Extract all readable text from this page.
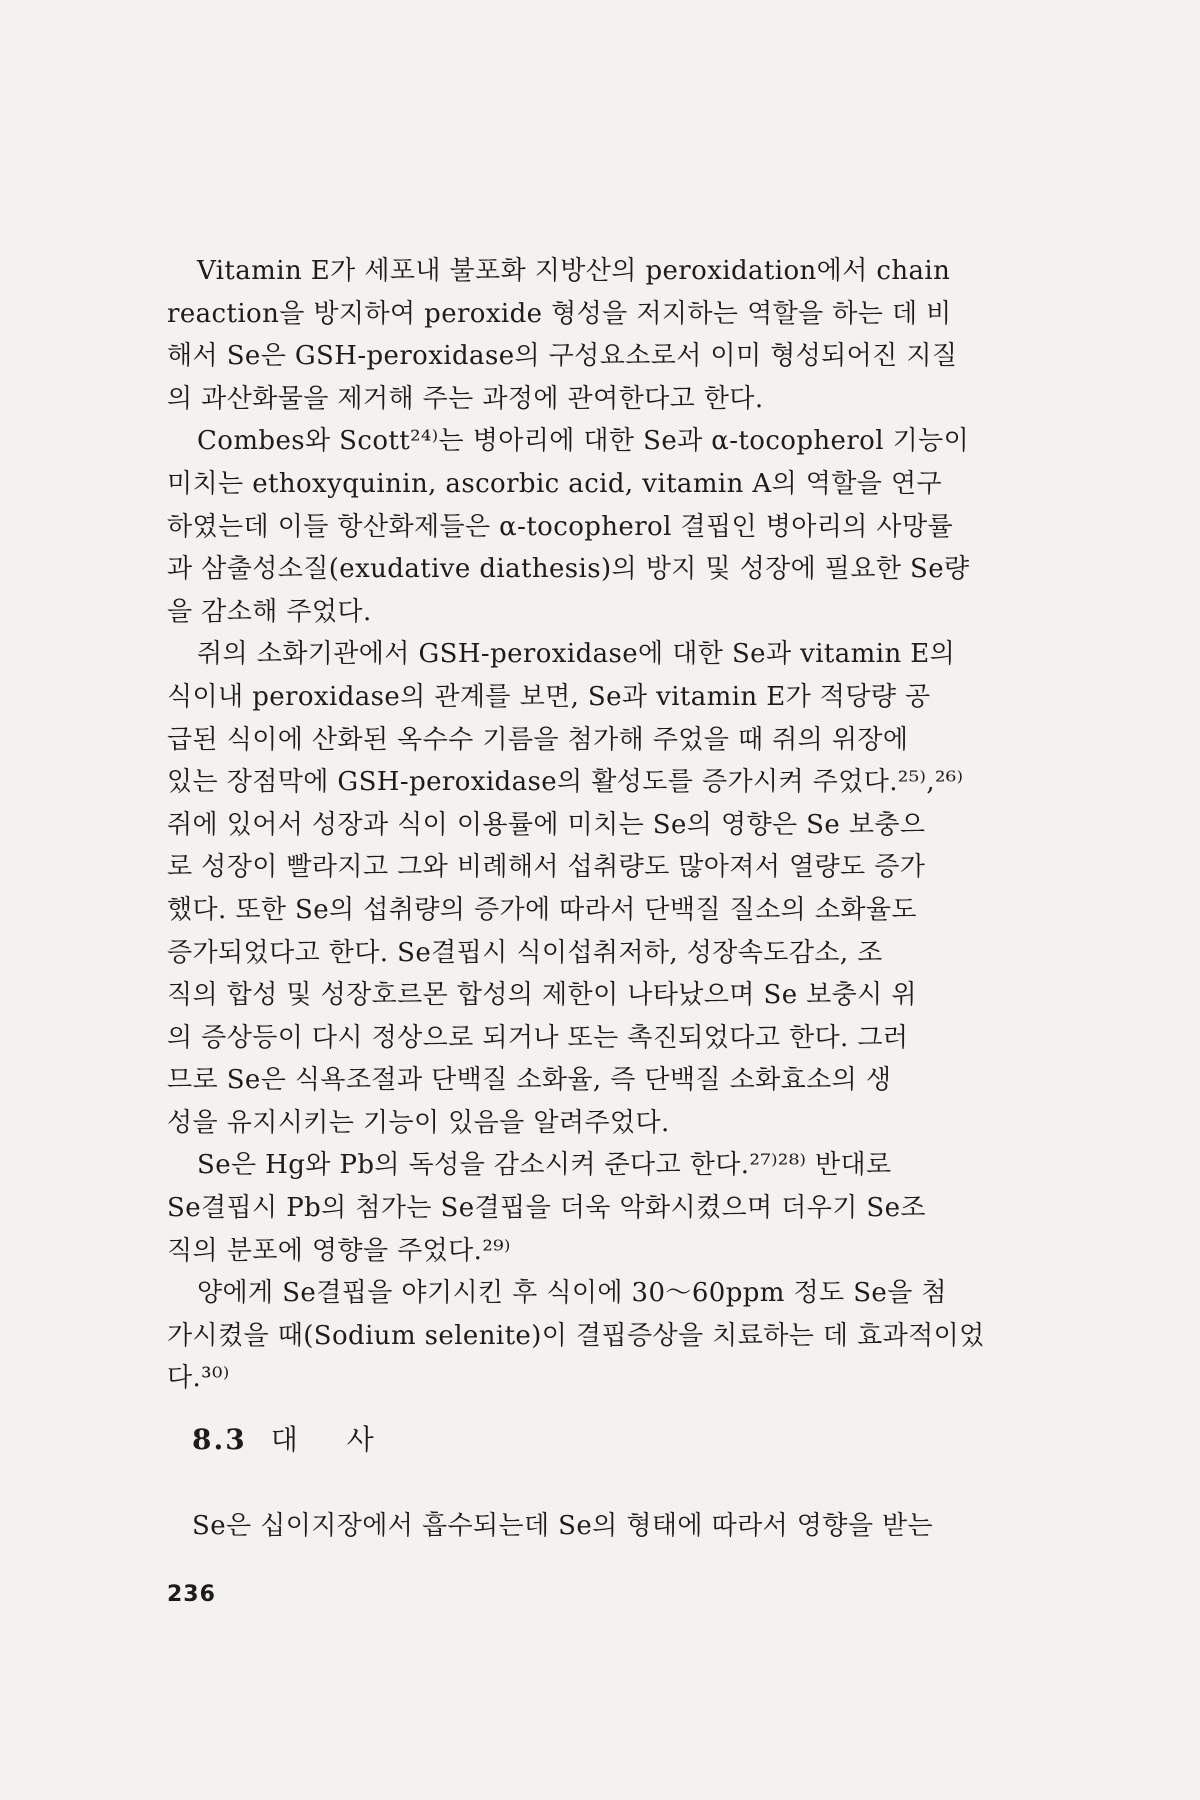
Vitamin E가 세포내 불포화 지방산의 peroxidation에서 chain
reaction을 방지하여 peroxide 형성을 저지하는 역할을 하는 데 비
해서 Se은 GSH-peroxidase의 구성요소로서 이미 형성되어진 지질
의 과산화물을 제거해 주는 과정에 관여한다고 한다.

Combes와 Scott²⁴⁾는 병아리에 대한 Se과 α-tocopherol 기능이
미치는 ethoxyquinin, ascorbic acid, vitamin A의 역할을 연구
하였는데 이들 항산화제들은 α-tocopherol 결핍인 병아리의 사망률
과 삼출성소질(exudative diathesis)의 방지 및 성장에 필요한 Se량
을 감소해 주었다.

쥐의 소화기관에서 GSH-peroxidase에 대한 Se과 vitamin E의
식이내 peroxidase의 관계를 보면, Se과 vitamin E가 적당량 공
급된 식이에 산화된 옥수수 기름을 첨가해 주었을 때 쥐의 위장에
있는 장점막에 GSH-peroxidase의 활성도를 증가시켜 주었다.²⁵⁾,²⁶⁾
쥐에 있어서 성장과 식이 이용률에 미치는 Se의 영향은 Se 보충으
로 성장이 빨라지고 그와 비례해서 섭취량도 많아져서 열량도 증가
했다. 또한 Se의 섭취량의 증가에 따라서 단백질 질소의 소화율도
증가되었다고 한다. Se결핍시 식이섭취저하, 성장속도감소, 조
직의 합성 및 성장호르몬 합성의 제한이 나타났으며 Se 보충시 위
의 증상등이 다시 정상으로 되거나 또는 촉진되었다고 한다. 그러
므로 Se은 식욕조절과 단백질 소화율, 즉 단백질 소화효소의 생
성을 유지시키는 기능이 있음을 알려주었다.

Se은 Hg와 Pb의 독성을 감소시켜 준다고 한다.²⁷⁾²⁸⁾ 반대로
Se결핍시 Pb의 첨가는 Se결핍을 더욱 악화시켰으며 더우기 Se조
직의 분포에 영향을 주었다.²⁹⁾

양에게 Se결핍을 야기시킨 후 식이에 30～60ppm 정도 Se을 첨
가시켰을 때(Sodium selenite)이 결핍증상을 치료하는 데 효과적이었
다.³⁰⁾

8.3 대 사
Se은 십이지장에서 흡수되는데 Se의 형태에 따라서 영향을 받는
236
